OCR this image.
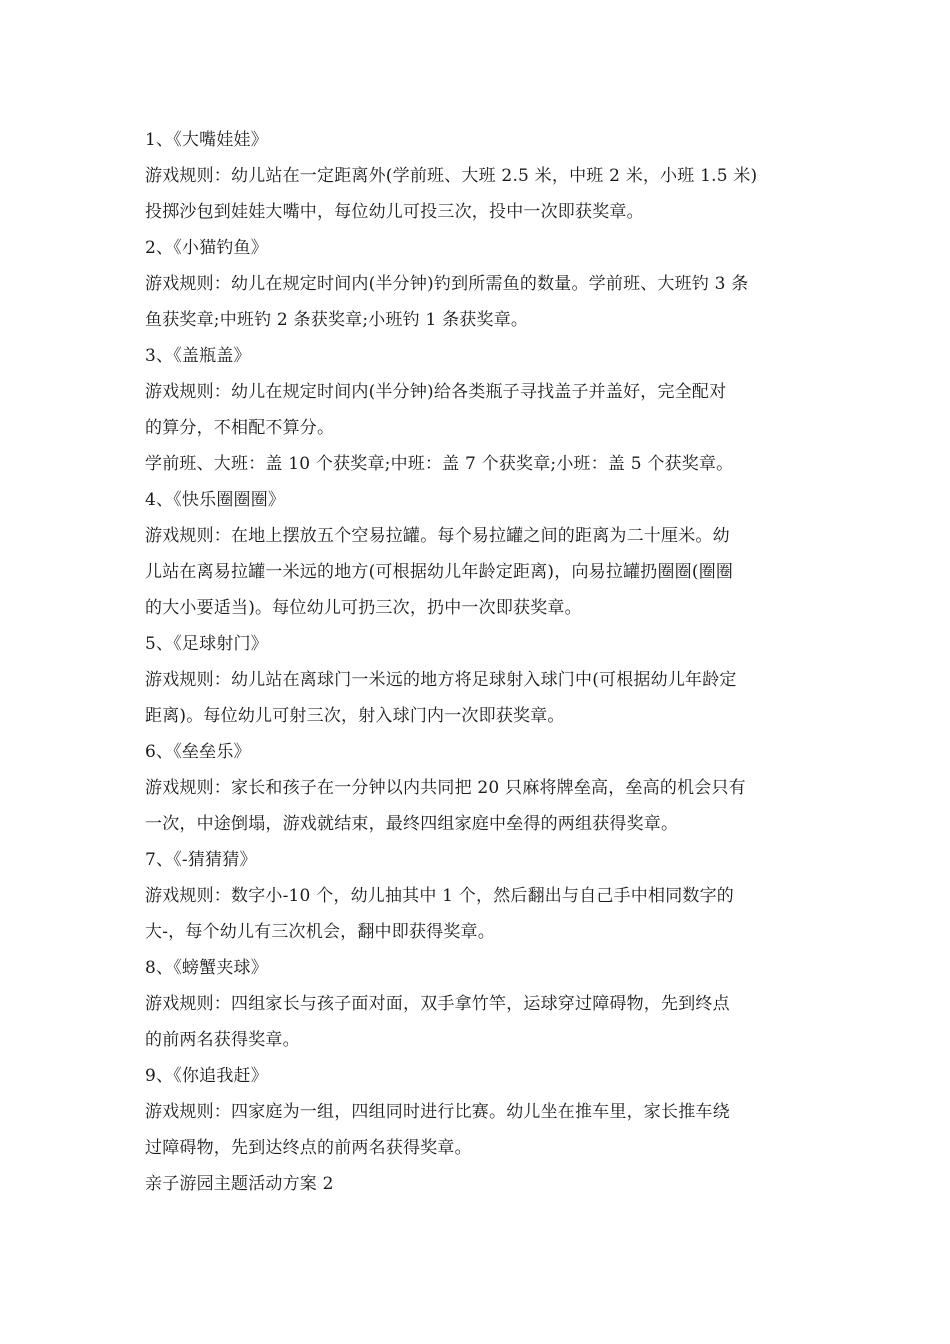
1、《大嘴娃娃》
游戏规则：幼儿站在一定距离外(学前班、大班 2.5 米，中班 2 米，小班 1.5 米)
投掷沙包到娃娃大嘴中，每位幼儿可投三次，投中一次即获奖章。
2、《小猫钓鱼》
游戏规则：幼儿在规定时间内(半分钟)钓到所需鱼的数量。学前班、大班钓 3 条
鱼获奖章;中班钓 2 条获奖章;小班钓 1 条获奖章。
3、《盖瓶盖》
游戏规则：幼儿在规定时间内(半分钟)给各类瓶子寻找盖子并盖好，完全配对
的算分，不相配不算分。
学前班、大班：盖 10 个获奖章;中班：盖 7 个获奖章;小班：盖 5 个获奖章。
4、《快乐圈圈圈》
游戏规则：在地上摆放五个空易拉罐。每个易拉罐之间的距离为二十厘米。幼
儿站在离易拉罐一米远的地方(可根据幼儿年龄定距离)，向易拉罐扔圈圈(圈圈
的大小要适当)。每位幼儿可扔三次，扔中一次即获奖章。
5、《足球射门》
游戏规则：幼儿站在离球门一米远的地方将足球射入球门中(可根据幼儿年龄定
距离)。每位幼儿可射三次，射入球门内一次即获奖章。
6、《垒垒乐》
游戏规则：家长和孩子在一分钟以内共同把 20 只麻将牌垒高，垒高的机会只有
一次，中途倒塌，游戏就结束，最终四组家庭中垒得的两组获得奖章。
7、《-猜猜猜》
游戏规则：数字小-10 个，幼儿抽其中 1 个，然后翻出与自己手中相同数字的
大-，每个幼儿有三次机会，翻中即获得奖章。
8、《螃蟹夹球》
游戏规则：四组家长与孩子面对面，双手拿竹竿，运球穿过障碍物，先到终点
的前两名获得奖章。
9、《你追我赶》
游戏规则：四家庭为一组，四组同时进行比赛。幼儿坐在推车里，家长推车绕
过障碍物，先到达终点的前两名获得奖章。
亲子游园主题活动方案 2
